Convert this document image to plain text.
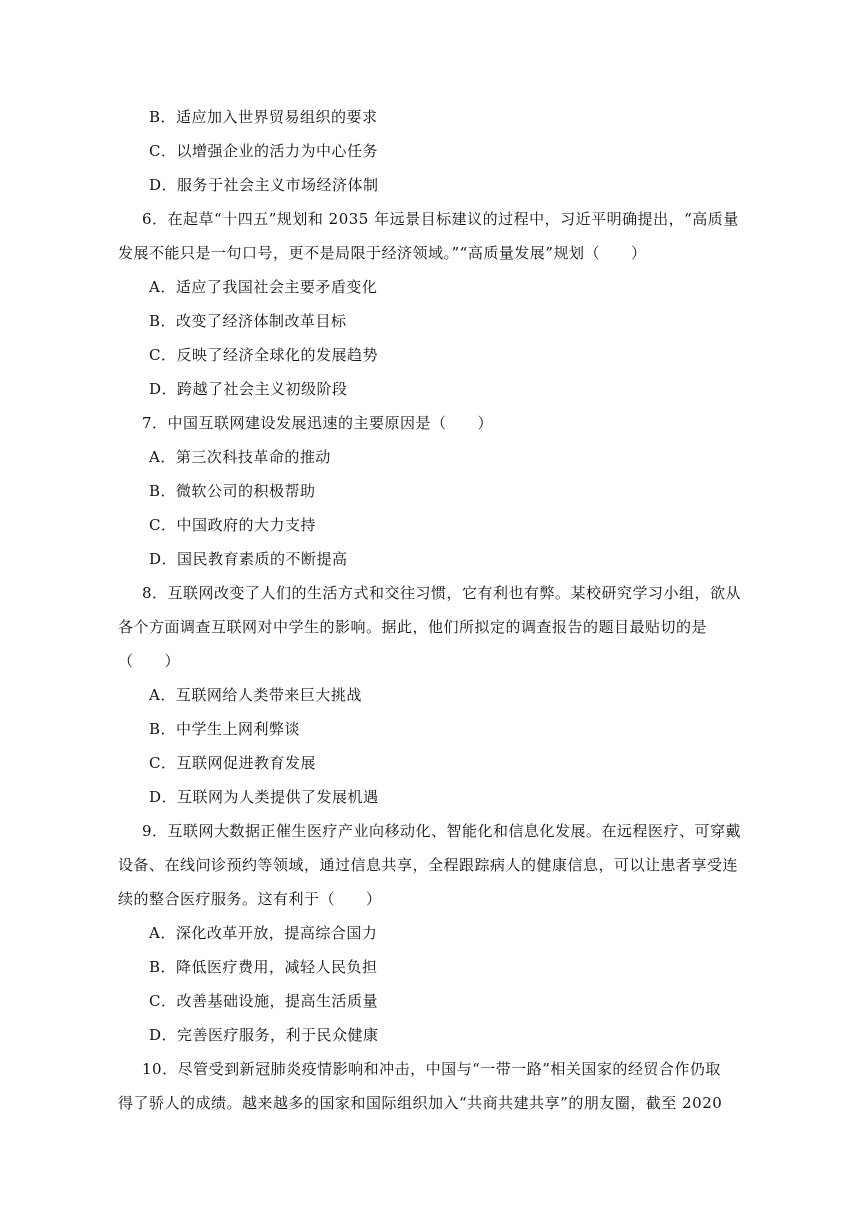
B．适应加入世界贸易组织的要求
C．以增强企业的活力为中心任务
D．服务于社会主义市场经济体制
6．在起草“十四五”规划和 2035 年远景目标建议的过程中，习近平明确提出，“高质量
发展不能只是一句口号，更不是局限于经济领域。”“高质量发展”规划（　　）
A．适应了我国社会主要矛盾变化
B．改变了经济体制改革目标
C．反映了经济全球化的发展趋势
D．跨越了社会主义初级阶段
7．中国互联网建设发展迅速的主要原因是（　　）
A．第三次科技革命的推动
B．微软公司的积极帮助
C．中国政府的大力支持
D．国民教育素质的不断提高
8．互联网改变了人们的生活方式和交往习惯，它有利也有弊。某校研究学习小组，欲从
各个方面调查互联网对中学生的影响。据此，他们所拟定的调查报告的题目最贴切的是
（　　）
A．互联网给人类带来巨大挑战
B．中学生上网利弊谈
C．互联网促进教育发展
D．互联网为人类提供了发展机遇
9．互联网大数据正催生医疗产业向移动化、智能化和信息化发展。在远程医疗、可穿戴
设备、在线问诊预约等领域，通过信息共享，全程跟踪病人的健康信息，可以让患者享受连
续的整合医疗服务。这有利于（　　）
A．深化改革开放，提高综合国力
B．降低医疗费用，减轻人民负担
C．改善基础设施，提高生活质量
D．完善医疗服务，利于民众健康
10．尽管受到新冠肺炎疫情影响和冲击，中国与“一带一路”相关国家的经贸合作仍取
得了骄人的成绩。越来越多的国家和国际组织加入“共商共建共享”的朋友圈，截至 2020
